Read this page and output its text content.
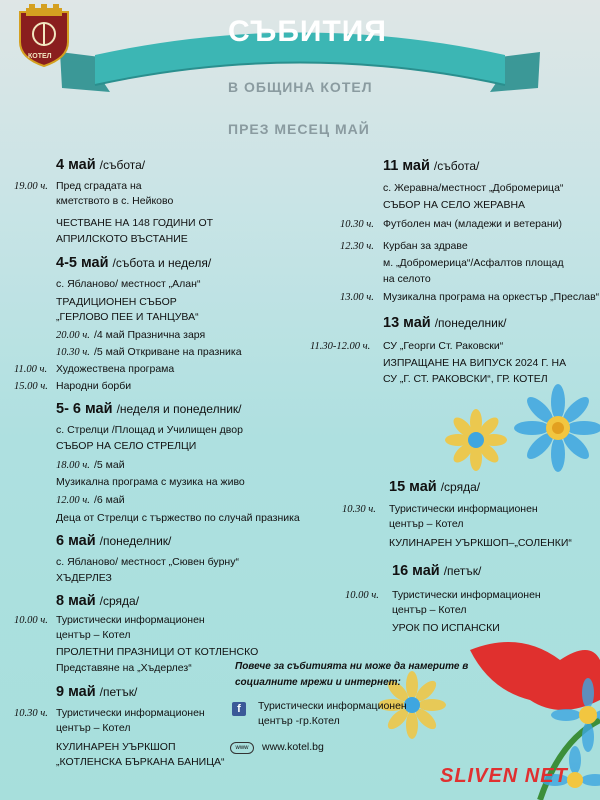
КОТЕЛ
СЪБИТИЯ
В ОБЩИНА КОТЕЛ
ПРЕЗ МЕСЕЦ МАЙ
4 май /събота/
19.00 ч. Пред сградата на
кметството в с. Нейково
ЧЕСТВАНЕ НА 148 ГОДИНИ ОТ
АПРИЛСКОТО ВЪСТАНИЕ
4-5 май /събота и неделя/
с. Ябланово/ местност „Алан“
ТРАДИЦИОНЕН СЪБОР
„ГЕРЛОВО ПЕЕ И ТАНЦУВА“
20.00 ч. /4 май Празнична заря
10.30 ч. /5 май Откриване на празника
11.00 ч. Художествена програма
15.00 ч. Народни борби
5- 6 май /неделя и понеделник/
с. Стрелци /Площад и Училищен двор
СЪБОР НА СЕЛО СТРЕЛЦИ
18.00 ч. /5 май
Музикална програма с музика на живо
12.00 ч. /6 май
Деца от Стрелци с тържество по случай празника
6 май /понеделник/
с. Ябланово/ местност „Сювен бурну“
ХЪДЕРЛЕЗ
8 май /сряда/
10.00 ч. Туристически информационен
център – Котел
ПРОЛЕТНИ ПРАЗНИЦИ ОТ КОТЛЕНСКО
Представяне на „Хъдерлез“
9 май /петък/
10.30 ч. Туристически информационен
център – Котел
КУЛИНАРЕН УЪРКШОП
„КОТЛЕНСКА БЪРКАНА БАНИЦА“
11 май /събота/
с. Жеравна/местност „Добромерица“
СЪБОР НА СЕЛО ЖЕРАВНА
10.30 ч. Футболен мач (младежи и ветерани)
12.30 ч. Курбан за здраве
м. „Добромерица“/Асфалтов площад
на селото
13.00 ч. Музикална програма на оркестър „Преслав“
13 май /понеделник/
11.30-12.00 ч. СУ „Георги Ст. Раковски“
ИЗПРАЩАНЕ НА ВИПУСК 2024 Г. НА
СУ „Г. СТ. РАКОВСКИ“, ГР. КОТЕЛ
15 май /сряда/
10.30 ч. Туристически информационен
център – Котел
КУЛИНАРЕН УЪРКШОП–„СОЛЕНКИ“
16 май /петък/
10.00 ч. Туристически информационен
център – Котел
УРОК ПО ИСПАНСКИ
Повече за събитията ни може да намерите в
социалните мрежи и интернет:
f	Туристически информационен
център -гр.Котел
www	www.kotel.bg
SLIVEN NET
